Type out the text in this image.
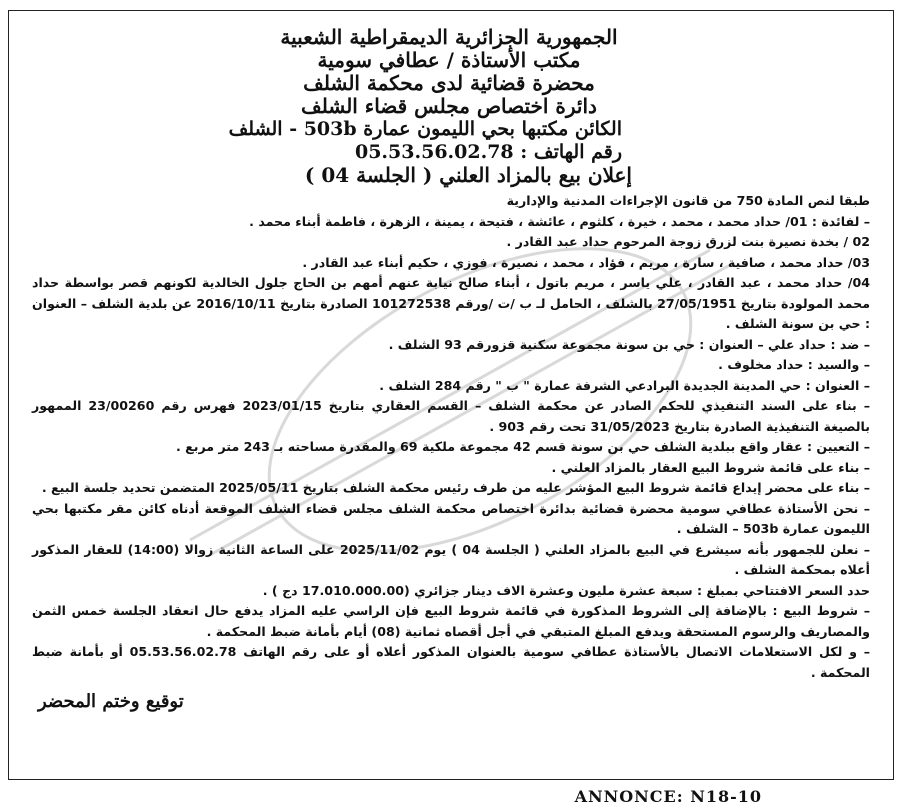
الجمهورية الجزائرية الديمقراطية الشعبية
مكتب الأستاذة / عطافي سومية
محضرة قضائية لدى محكمة الشلف
دائرة اختصاص مجلس قضاء الشلف
الكائن مكتبها بحي الليمون عمارة 503b - الشلف
رقم الهاتف : 05.53.56.02.78
إعلان بيع بالمزاد العلني ( الجلسة 04 )

طبقا لنص المادة 750 من قانون الإجراءات المدنية والإدارية

– لفائدة : 01/ حداد محمد ، محمد ، خيرة ، كلثوم ، عائشة ، فتيحة ، يمينة ، الزهرة ، فاطمة أبناء محمد .

02 / بخدة نصيرة بنت لزرق زوجة المرحوم حداد عبد القادر .

03/ حداد محمد ، صافية ، سارة ، مريم ، فؤاد ، محمد ، نصيرة ، فوزي ، حكيم أبناء عبد القادر .

04/ حداد محمد ، عبد القادر ، علي ياسر ، مريم باتول ، أبناء صالح نيابة عنهم أمهم بن الحاج جلول الخالدية لكونهم قصر بواسطة حداد محمد المولودة بتاريخ 27/05/1951 بالشلف ، الحامل لـ ب /ت /ورقم 101272538 الصادرة بتاريخ 2016/10/11 عن بلدية الشلف – العنوان : حي بن سونة الشلف .

– ضد : حداد علي – العنوان : حي بن سونة مجموعة سكنية قزورقم 93 الشلف .

– والسيد : حداد مخلوف .

– العنوان : حي المدينة الجديدة البرادعي الشرفة عمارة " ب " رقم 284 الشلف .

– بناء على السند التنفيذي للحكم الصادر عن محكمة الشلف – القسم العقاري بتاريخ 2023/01/15 فهرس رقم 23/00260 الممهور بالصيغة التنفيذية الصادرة بتاريخ 31/05/2023 تحت رقم 903 .

– التعيين : عقار واقع ببلدية الشلف حي بن سونة قسم 42 مجموعة ملكية 69 والمقدرة مساحته بـ 243 متر مربع .

– بناء على قائمة شروط البيع العقار بالمزاد العلني .

– بناء على محضر إيداع قائمة شروط البيع المؤشر عليه من طرف رئيس محكمة الشلف بتاريخ 2025/05/11 المتضمن تحديد جلسة البيع .

– نحن الأستاذة عطافي سومية محضرة قضائية بدائرة اختصاص محكمة الشلف مجلس قضاء الشلف الموقعة أدناه كائن مقر مكتبها بحي الليمون عمارة 503b – الشلف .

– نعلن للجمهور بأنه سيشرع في البيع بالمزاد العلني ( الجلسة 04 ) يوم 2025/11/02 على الساعة الثانية زوالا (14:00) للعقار المذكور أعلاه بمحكمة الشلف .

حدد السعر الافتتاحي بمبلغ : سبعة عشرة مليون وعشرة الاف دينار جزائري (17.010.000.00 دج ) .

– شروط البيع : بالإضافة إلى الشروط المذكورة في قائمة شروط البيع فإن الراسي عليه المزاد يدفع حال انعقاد الجلسة خمس الثمن والمصاريف والرسوم المستحقة ويدفع المبلغ المتبقي في أجل أقصاه ثمانية (08) أيام بأمانة ضبط المحكمة .

– و لكل الاستعلامات الاتصال بالأستاذة عطافي سومية بالعنوان المذكور أعلاه أو على رقم الهاتف 05.53.56.02.78 أو بأمانة ضبط المحكمة .

توقيع وختم المحضر
ANNONCE: N18-10
